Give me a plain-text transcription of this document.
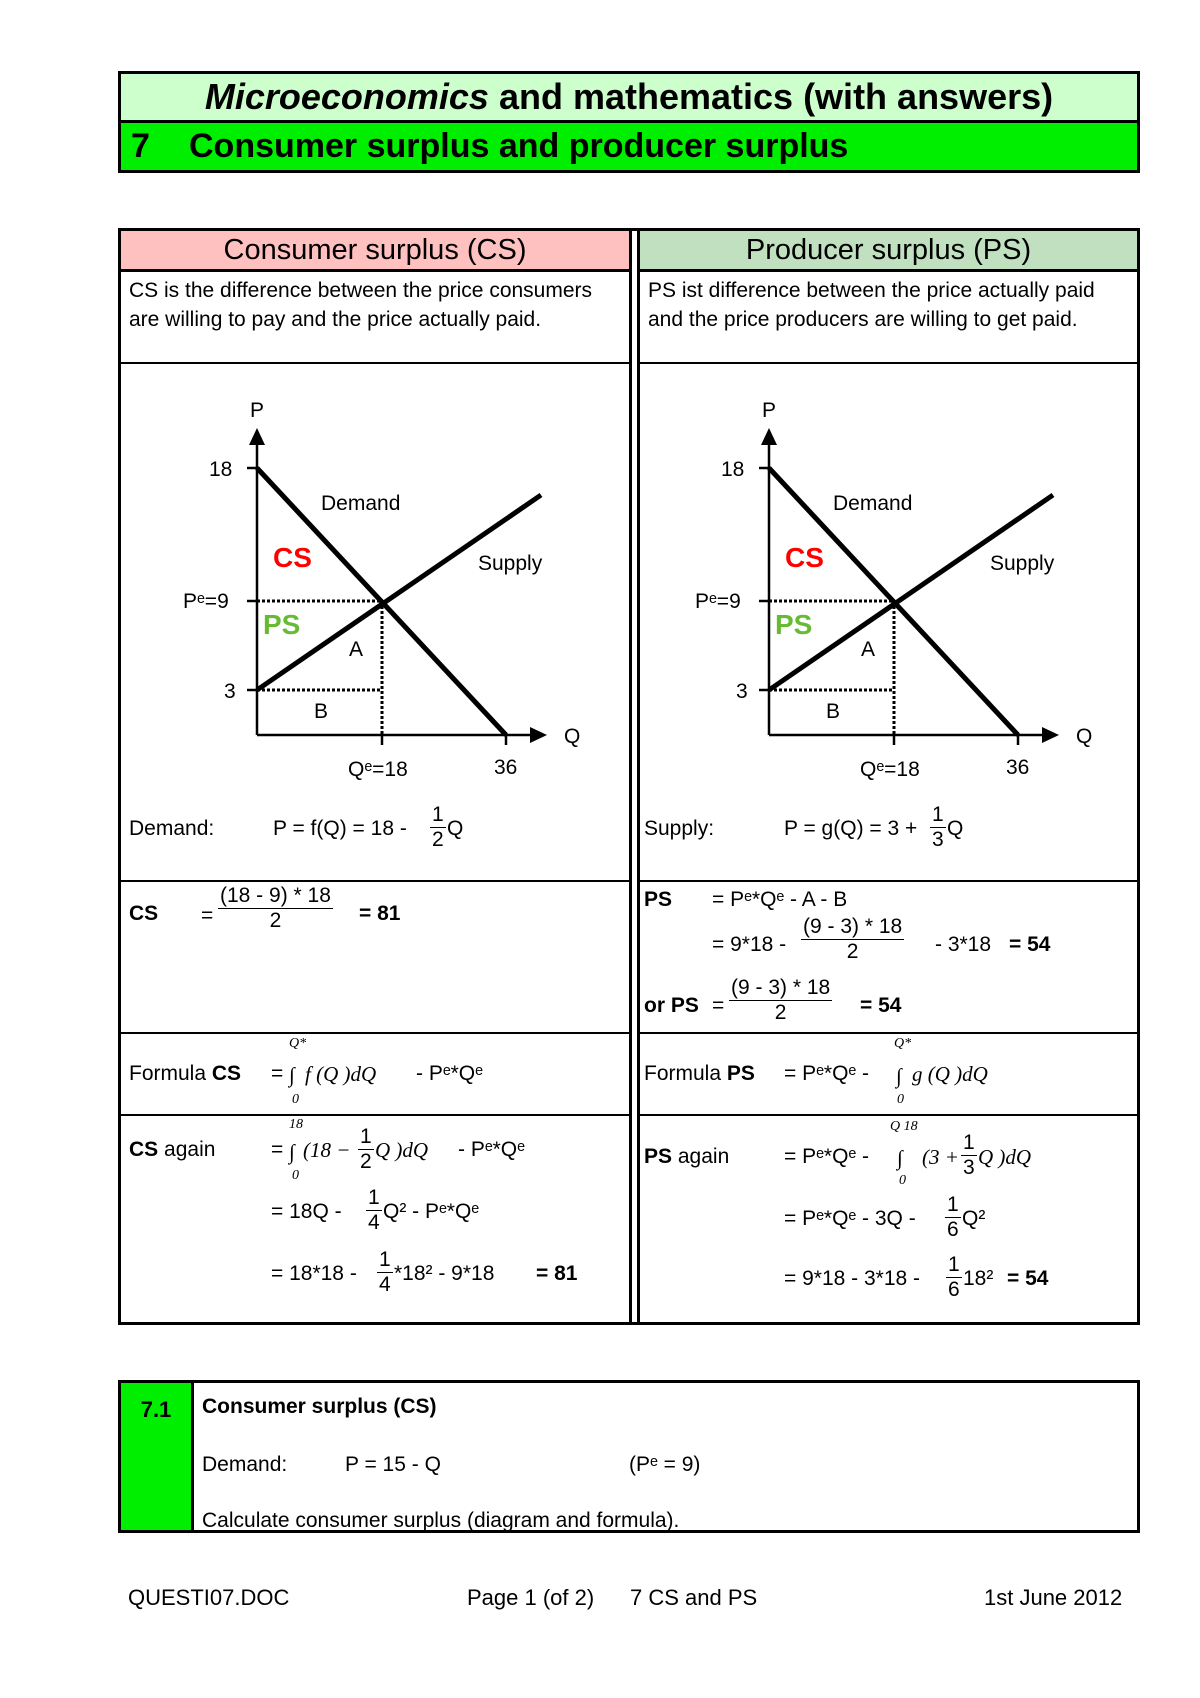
Microeconomics
and mathematics (with answers)
7	Consumer surplus and producer surplus
Consumer surplus (CS)
CS is the difference between the price consumers are willing to pay and the price actually paid.
P
Q
18
Pᵉ=9
3
Qᵉ=18	36
Demand
Supply
CS
PS
A
B
Demand:	$P = f(Q) = 18 - \frac{1}{2}$ Q
CS = $\frac{(18 - 9) * 18}{2} = 81$
Formula CS =
Q*
0
∫ f (Q )dQ - Pᵉ*Qᵉ
CS again	=
18
0
∫ ($18 - \frac{1}{2}$ Q )dQ - Pᵉ*Qᵉ
= $18Q - \frac{1}{4} Q^2$ - Pᵉ*Qᵉ
= $18*18 - \frac{1}{4} *18^2 - 9*18 = 81$
Producer surplus (PS)
PS ist difference between the price actually paid and the price producers are willing to get paid.
P
Q
18
Pᵉ=9
3
Qᵉ=18	36
Demand
Supply
CS
PS
A
B
Supply:	$P = g(Q) = 3 + \frac{1}{3}$ Q
PS = Pᵉ*Qᵉ - A - B
= $9*18 - \frac{(9 - 3) * 18}{2} - 3*18 = 54$
or PS = $\frac{(9 - 3) * 18}{2} = 54$
Formula PS = Pᵉ*Qᵉ -
Q*
0
∫ g (Q )dQ
PS again	= Pᵉ*Qᵉ -
Q 18
0
∫ ($3 + \frac{1}{3}$ Q )dQ
= Pᵉ*Qᵉ - $3Q - \frac{1}{6} Q^2$
= $9*18 - 3*18 - \frac{1}{6} 18^2 = 54$
7.1	Consumer surplus (CS)
Demand:	P = 15 - Q	(Pᵉ = 9)
Calculate consumer surplus (diagram and formula).
QUESTI07.DOC	Page 1 (of 2) 7 CS and PS	1st June 2012
